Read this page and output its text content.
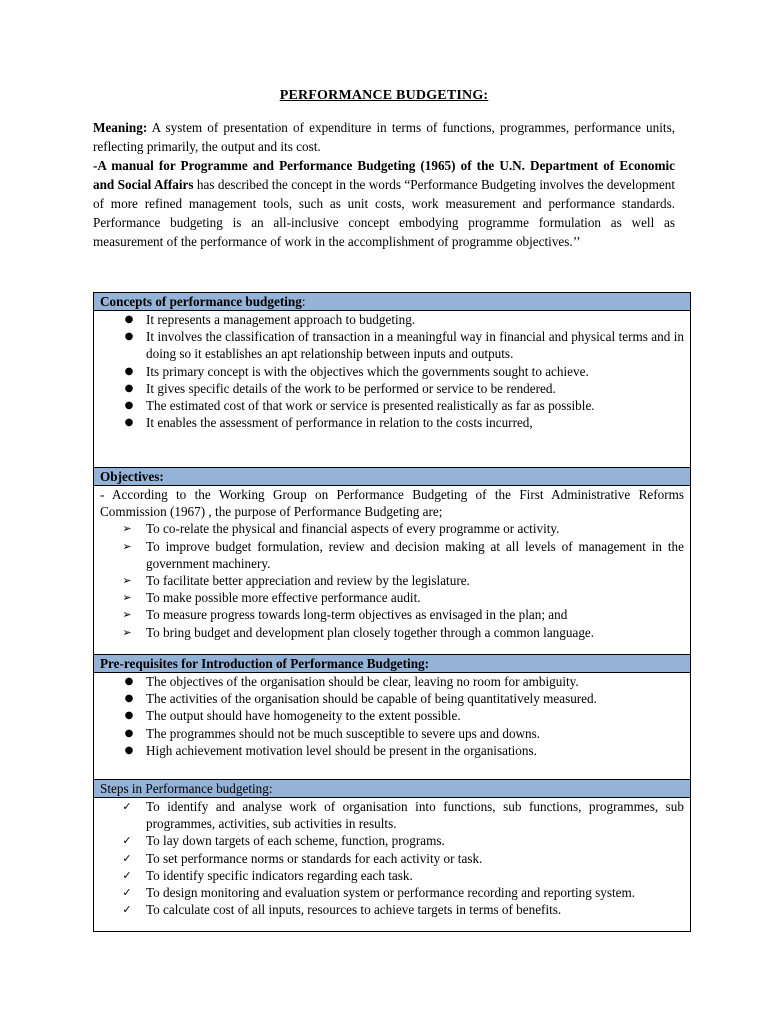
PERFORMANCE BUDGETING:

Meaning: A system of presentation of expenditure in terms of functions, programmes, performance units, reflecting primarily, the output and its cost.

-A manual for Programme and Performance Budgeting (1965) of the U.N. Department of Economic and Social Affairs has described the concept in the words “Performance Budgeting involves the development of more refined management tools, such as unit costs, work measurement and performance standards. Performance budgeting is an all-inclusive concept embodying programme formulation as well as measurement of the performance of work in the accomplishment of programme objectives.’’

Concepts of performance budgeting:
● It represents a management approach to budgeting.
● It involves the classification of transaction in a meaningful way in financial and physical terms and in doing so it establishes an apt relationship between inputs and outputs.
● Its primary concept is with the objectives which the governments sought to achieve.
● It gives specific details of the work to be performed or service to be rendered.
● The estimated cost of that work or service is presented realistically as far as possible.
● It enables the assessment of performance in relation to the costs incurred,
Objectives:
- According to the Working Group on Performance Budgeting of the First Administrative Reforms Commission (1967) , the purpose of Performance Budgeting are;
➢ To co-relate the physical and financial aspects of every programme or activity.
➢ To improve budget formulation, review and decision making at all levels of management in the government machinery.
➢ To facilitate better appreciation and review by the legislature.
➢ To make possible more effective performance audit.
➢ To measure progress towards long-term objectives as envisaged in the plan; and
➢ To bring budget and development plan closely together through a common language.
Pre-requisites for Introduction of Performance Budgeting:
● The objectives of the organisation should be clear, leaving no room for ambiguity.
● The activities of the organisation should be capable of being quantitatively measured.
● The output should have homogeneity to the extent possible.
● The programmes should not be much susceptible to severe ups and downs.
● High achievement motivation level should be present in the organisations.
Steps in Performance budgeting:
✓ To identify and analyse work of organisation into functions, sub functions, programmes, sub programmes, activities, sub activities in results.
✓ To lay down targets of each scheme, function, programs.
✓ To set performance norms or standards for each activity or task.
✓ To identify specific indicators regarding each task.
✓ To design monitoring and evaluation system or performance recording and reporting system.
✓ To calculate cost of all inputs, resources to achieve targets in terms of benefits.
